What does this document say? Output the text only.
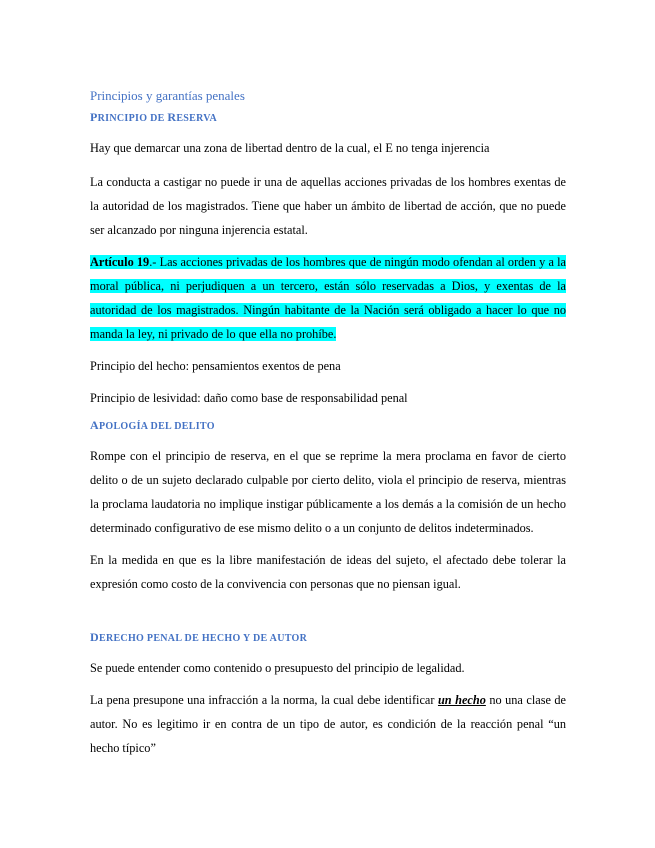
Principios y garantías penales
PRINCIPIO DE RESERVA

Hay que demarcar una zona de libertad dentro de la cual, el E no tenga injerencia

La conducta a castigar no puede ir una de aquellas acciones privadas de los hombres exentas de la autoridad de los magistrados. Tiene que haber un ámbito de libertad de acción, que no puede ser alcanzado por ninguna injerencia estatal.

Artículo 19.- Las acciones privadas de los hombres que de ningún modo ofendan al orden y a la moral pública, ni perjudiquen a un tercero, están sólo reservadas a Dios, y exentas de la autoridad de los magistrados. Ningún habitante de la Nación será obligado a hacer lo que no manda la ley, ni privado de lo que ella no prohíbe.

Principio del hecho: pensamientos exentos de pena

Principio de lesividad: daño como base de responsabilidad penal

APOLOGÍA DEL DELITO

Rompe con el principio de reserva, en el que se reprime la mera proclama en favor de cierto delito o de un sujeto declarado culpable por cierto delito, viola el principio de reserva, mientras la proclama laudatoria no implique instigar públicamente a los demás a la comisión de un hecho determinado configurativo de ese mismo delito o a un conjunto de delitos indeterminados.

En la medida en que es la libre manifestación de ideas del sujeto, el afectado debe tolerar la expresión como costo de la convivencia con personas que no piensan igual.

DERECHO PENAL DE HECHO Y DE AUTOR

Se puede entender como contenido o presupuesto del principio de legalidad.

La pena presupone una infracción a la norma, la cual debe identificar un hecho no una clase de autor. No es legitimo ir en contra de un tipo de autor, es condición de la reacción penal “un hecho típico”
